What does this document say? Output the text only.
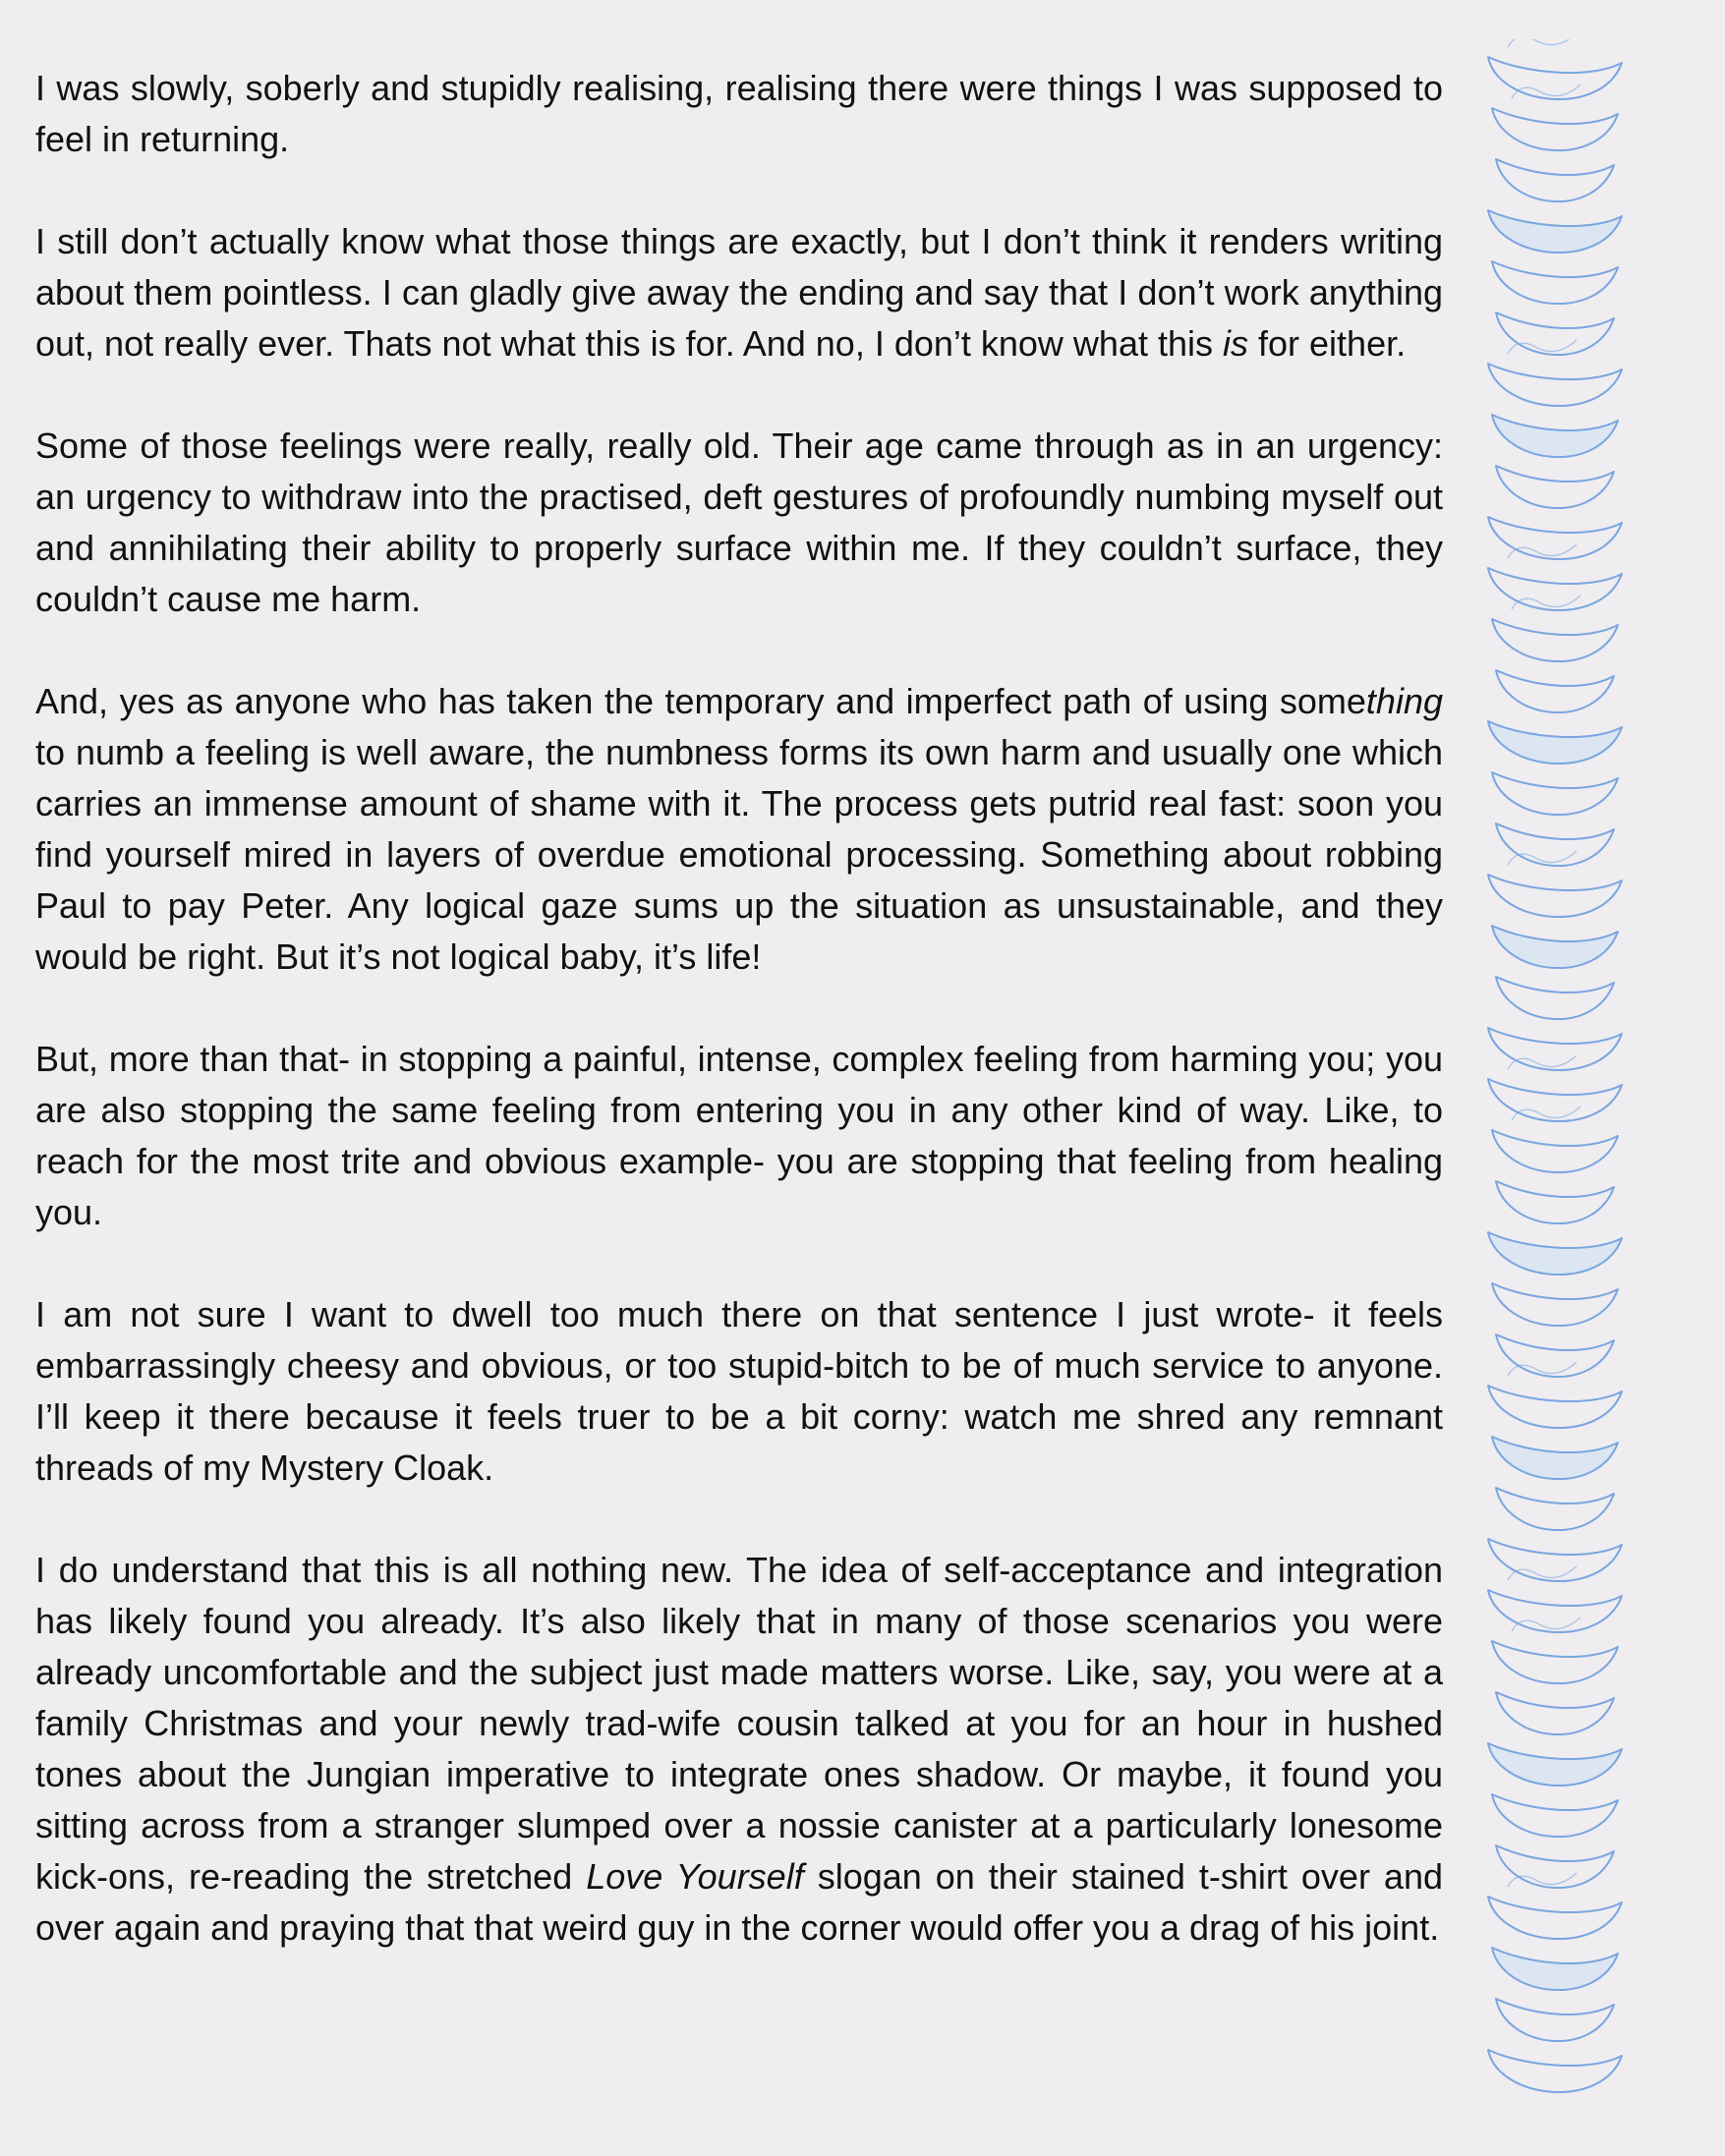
I was slowly, soberly and stupidly realising, realising there were things I was supposed to feel in returning.

I still don’t actually know what those things are exactly, but I don’t think it renders writing about them pointless. I can gladly give away the ending and say that I don’t work anything out, not really ever. Thats not what this is for. And no, I don’t know what this is for either.

Some of those feelings were really, really old. Their age came through as in an urgency: an urgency to withdraw into the practised, deft gestures of profoundly numbing myself out and annihilating their ability to properly surface within me. If they couldn’t surface, they couldn’t cause me harm.

And, yes as anyone who has taken the temporary and imperfect path of using something to numb a feeling is well aware, the numbness forms its own harm and usually one which carries an immense amount of shame with it. The process gets putrid real fast: soon you find yourself mired in layers of overdue emotional processing. Something about robbing Paul to pay Peter. Any logical gaze sums up the situation as unsustainable, and they would be right. But it’s not logical baby, it’s life!

But, more than that- in stopping a painful, intense, complex feeling from harming you; you are also stopping the same feeling from entering you in any other kind of way. Like, to reach for the most trite and obvious example- you are stopping that feeling from healing you.

I am not sure I want to dwell too much there on that sentence I just wrote- it feels embarrassingly cheesy and obvious, or too stupid-bitch to be of much service to anyone. I’ll keep it there because it feels truer to be a bit corny: watch me shred any remnant threads of my Mystery Cloak.

I do understand that this is all nothing new. The idea of self-acceptance and integration has likely found you already. It’s also likely that in many of those scenarios you were already uncomfortable and the subject just made matters worse. Like, say, you were at a family Christmas and your newly trad-wife cousin talked at you for an hour in hushed tones about the Jungian imperative to integrate ones shadow. Or maybe, it found you sitting across from a stranger slumped over a nossie canister at a particularly lonesome kick-ons, re-reading the stretched Love Yourself slogan on their stained t-shirt over and over again and praying that that weird guy in the corner would offer you a drag of his joint.
